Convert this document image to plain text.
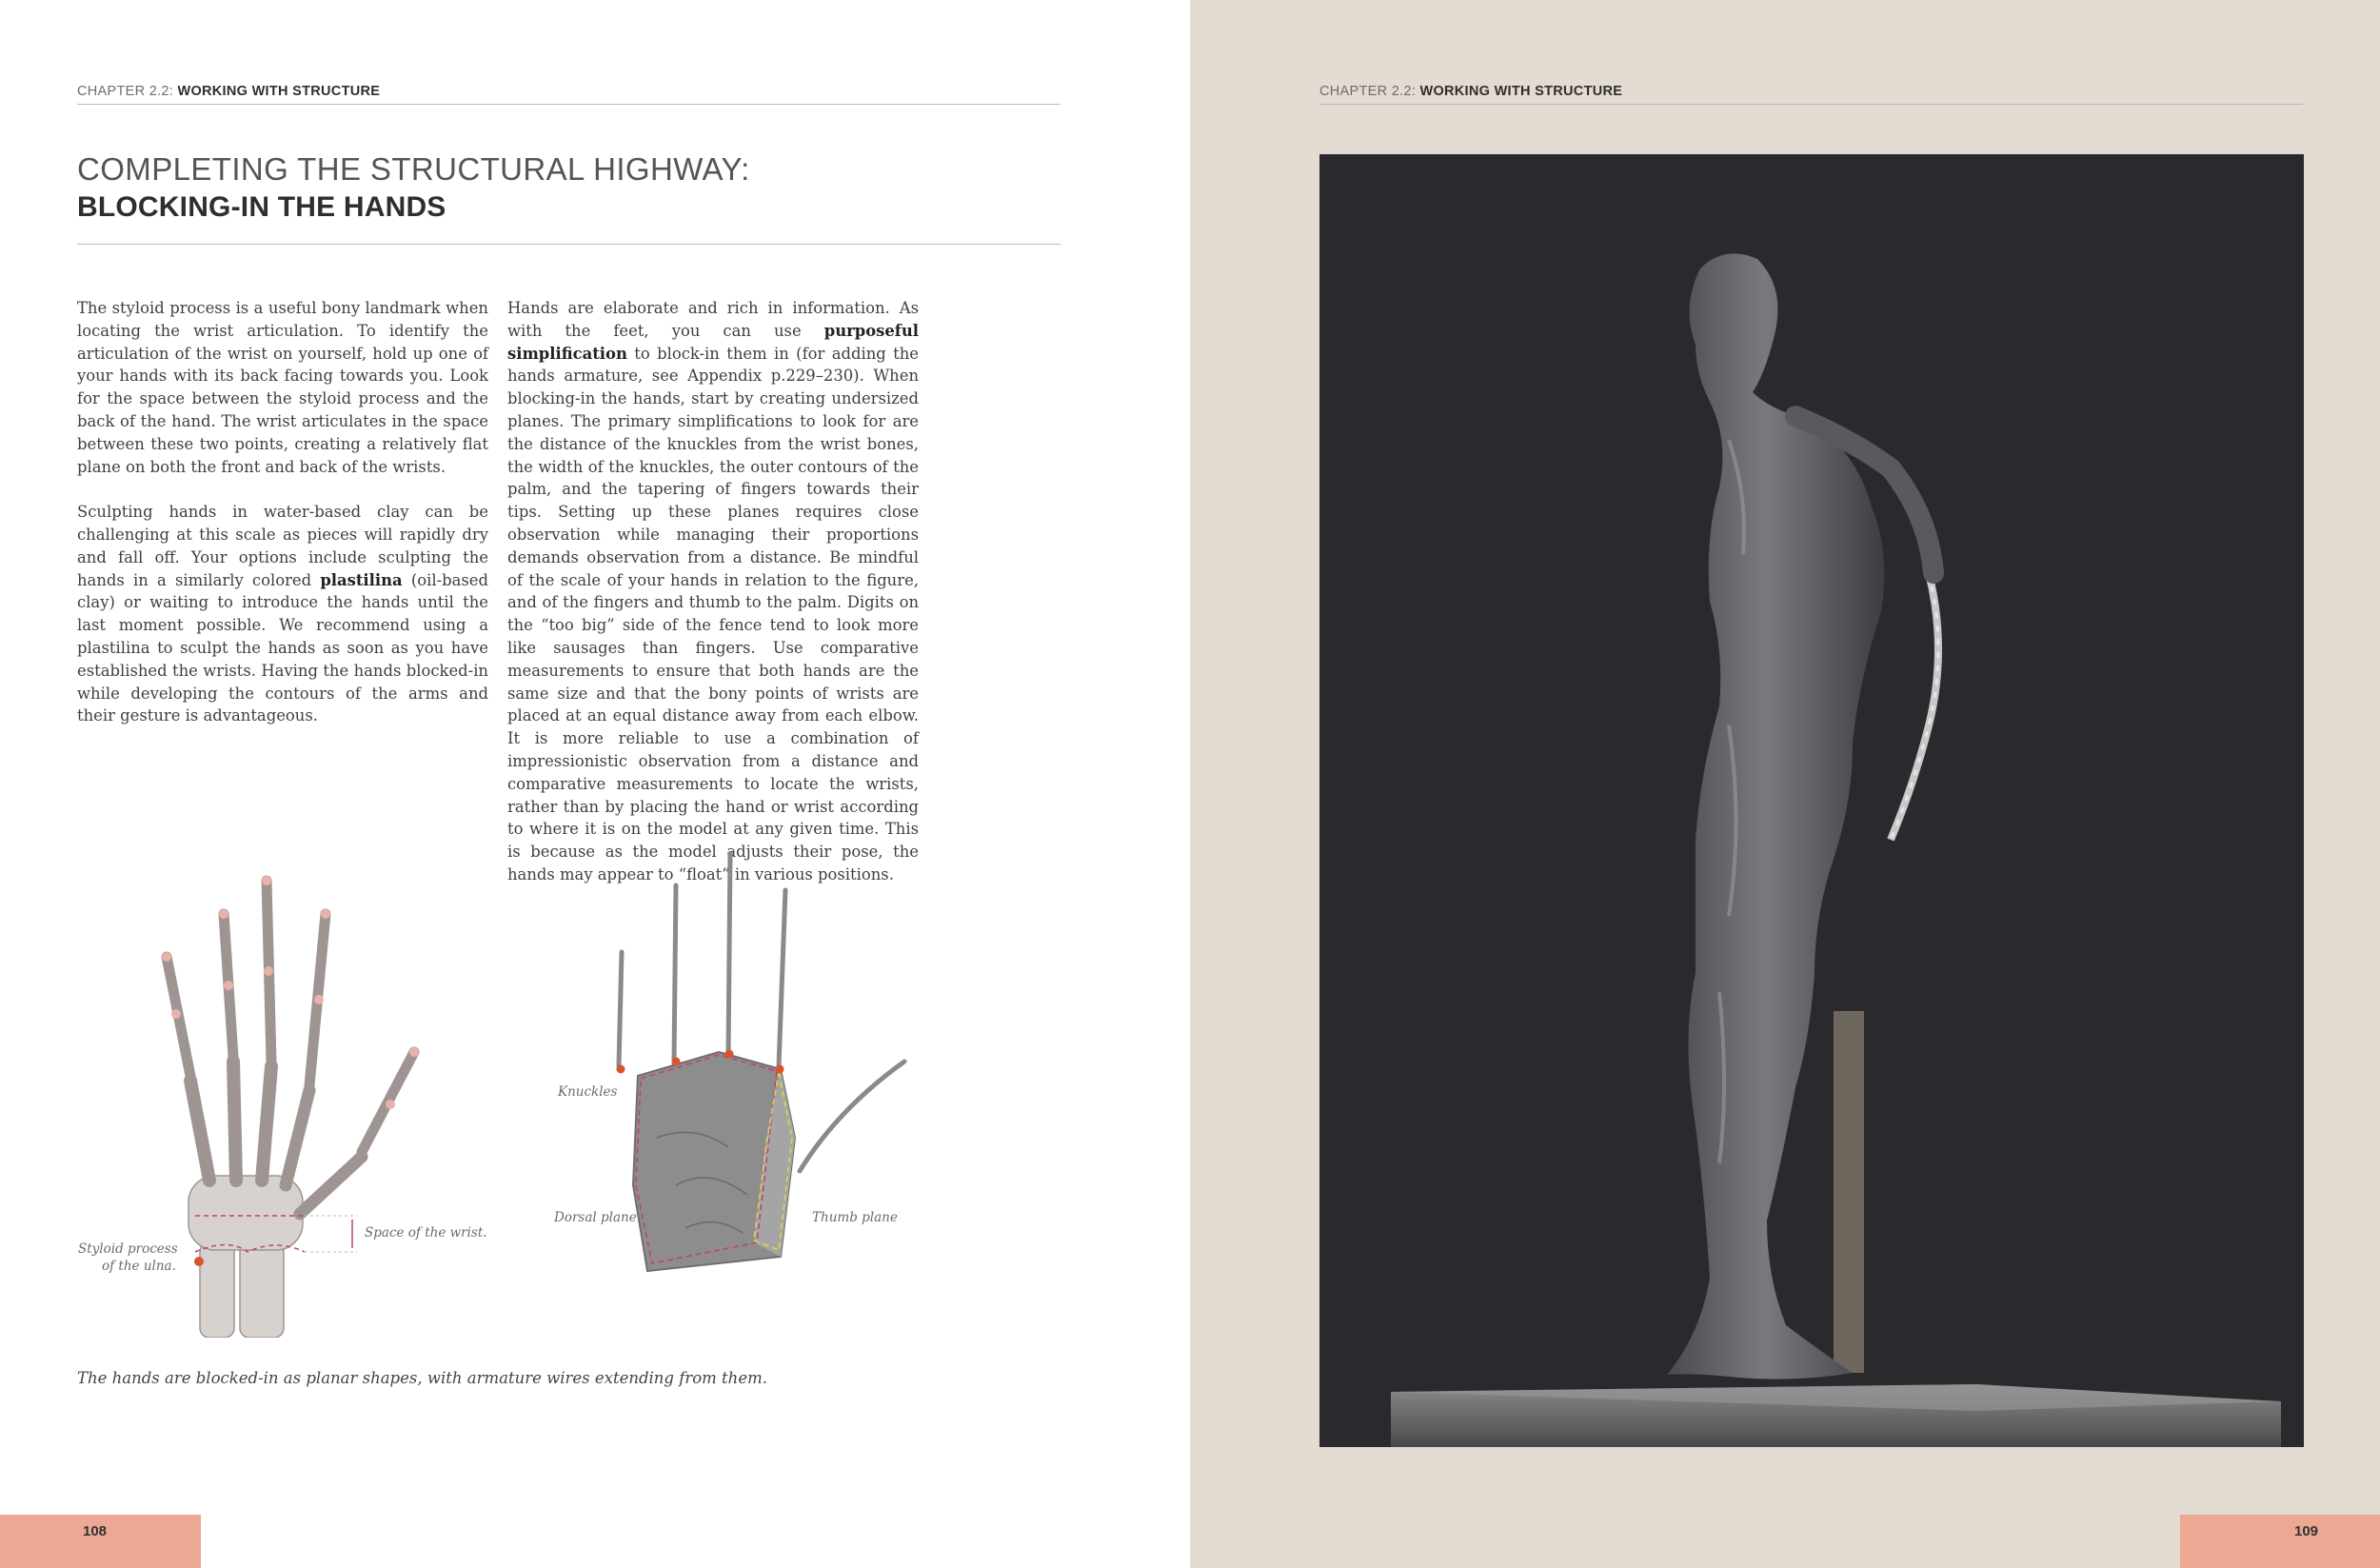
CHAPTER 2.2: WORKING WITH STRUCTURE
COMPLETING THE STRUCTURAL HIGHWAY:
BLOCKING-IN THE HANDS

The styloid process is a useful bony landmark when locating the wrist articulation. To identify the articulation of the wrist on yourself, hold up one of your hands with its back facing towards you. Look for the space between the styloid process and the back of the hand. The wrist articulates in the space between these two points, creating a relatively flat plane on both the front and back of the wrists.

Sculpting hands in water-based clay can be challenging at this scale as pieces will rapidly dry and fall off. Your options include sculpting the hands in a similarly colored plastilina (oil-based clay) or waiting to introduce the hands until the last moment possible. We recommend using a plastilina to sculpt the hands as soon as you have established the wrists. Having the hands blocked-in while developing the contours of the arms and their gesture is advantageous.

Hands are elaborate and rich in information. As with the feet, you can use purposeful simplification to block-in them in (for adding the hands armature, see Appendix p.229–230). When blocking-in the hands, start by creating undersized planes. The primary simplifications to look for are the distance of the knuckles from the wrist bones, the width of the knuckles, the outer contours of the palm, and the tapering of fingers towards their tips. Setting up these planes requires close observation while managing their proportions demands observation from a distance. Be mindful of the scale of your hands in relation to the figure, and of the fingers and thumb to the palm. Digits on the “too big” side of the fence tend to look more like sausages than fingers. Use comparative measurements to ensure that both hands are the same size and that the bony points of wrists are placed at an equal distance away from each elbow. It is more reliable to use a combination of impressionistic observation from a distance and comparative measurements to locate the wrists, rather than by placing the hand or wrist according to where it is on the model at any given time. This is because as the model adjusts their pose, the hands may appear to “float” in various positions.

Styloid process
of the ulna.
Space of the wrist.
Knuckles
Dorsal plane	Thumb plane
The hands are blocked-in as planar shapes, with armature wires extending from them.
108
CHAPTER 2.2: WORKING WITH STRUCTURE
109
